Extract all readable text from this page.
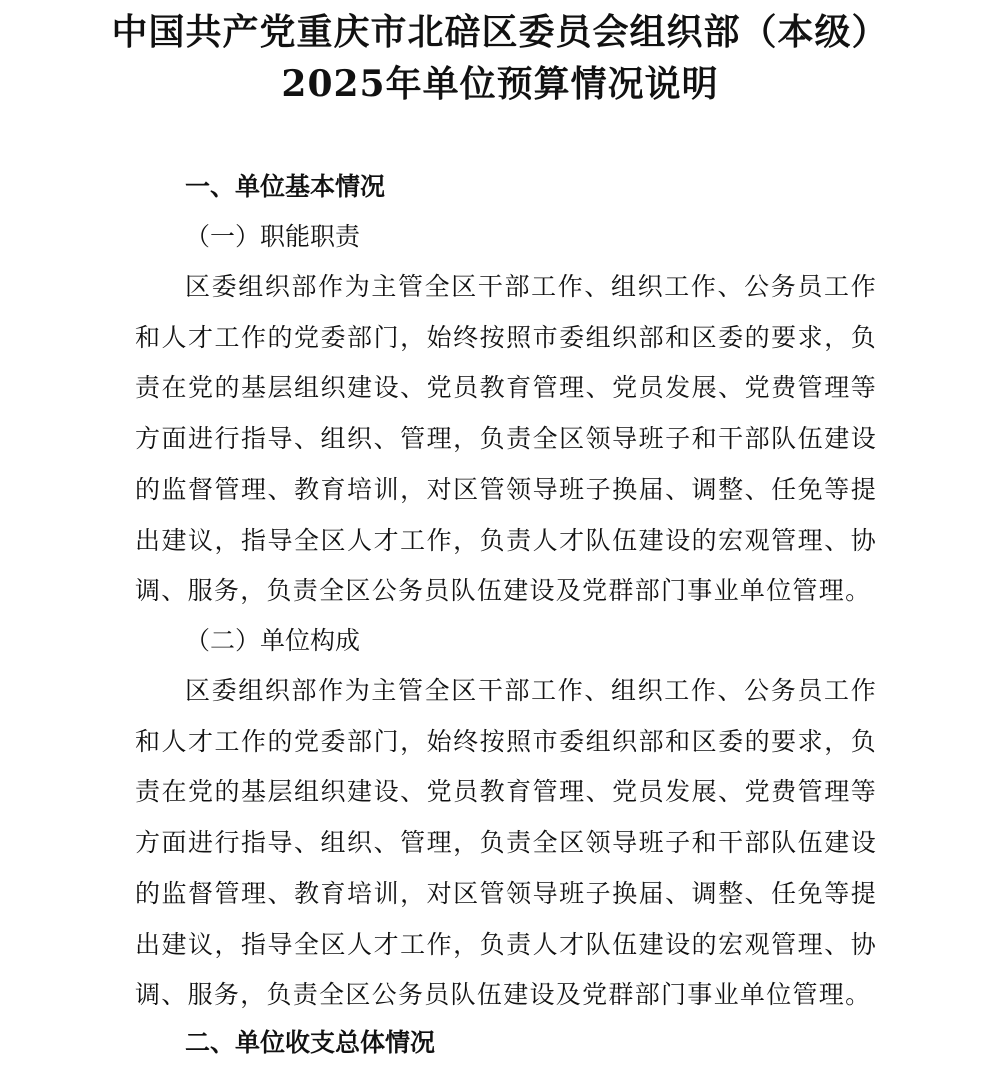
中国共产党重庆市北碚区委员会组织部（本级）
2025年单位预算情况说明
一、单位基本情况
（一）职能职责

区委组织部作为主管全区干部工作、组织工作、公务员工作和人才工作的党委部门，始终按照市委组织部和区委的要求，负责在党的基层组织建设、党员教育管理、党员发展、党费管理等方面进行指导、组织、管理，负责全区领导班子和干部队伍建设的监督管理、教育培训，对区管领导班子换届、调整、任免等提出建议，指导全区人才工作，负责人才队伍建设的宏观管理、协调、服务，负责全区公务员队伍建设及党群部门事业单位管理。

（二）单位构成

区委组织部作为主管全区干部工作、组织工作、公务员工作和人才工作的党委部门，始终按照市委组织部和区委的要求，负责在党的基层组织建设、党员教育管理、党员发展、党费管理等方面进行指导、组织、管理，负责全区领导班子和干部队伍建设的监督管理、教育培训，对区管领导班子换届、调整、任免等提出建议，指导全区人才工作，负责人才队伍建设的宏观管理、协调、服务，负责全区公务员队伍建设及党群部门事业单位管理。

二、单位收支总体情况
